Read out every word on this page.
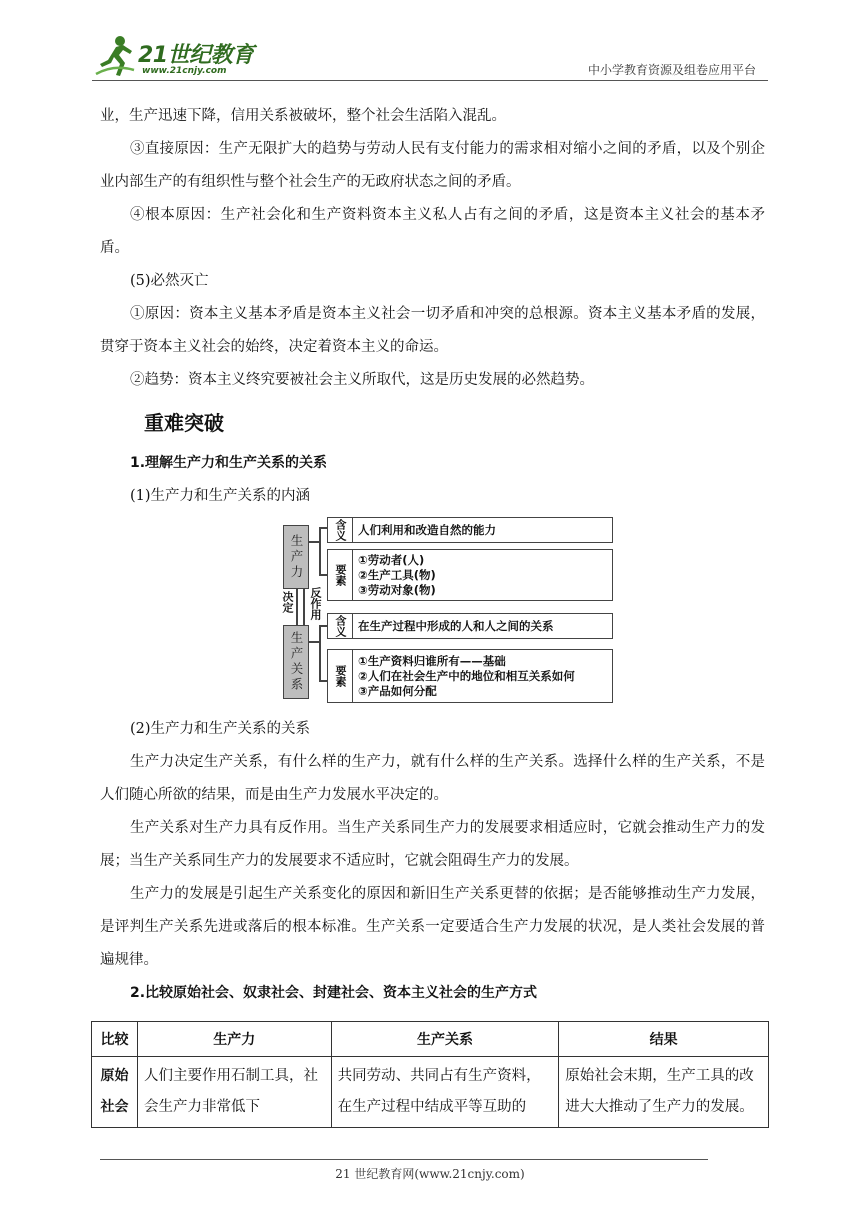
21世纪教育
www.21cnjy.com	中小学教育资源及组卷应用平台

业，生产迅速下降，信用关系被破坏，整个社会生活陷入混乱。

③直接原因：生产无限扩大的趋势与劳动人民有支付能力的需求相对缩小之间的矛盾，以及个别企业内部生产的有组织性与整个社会生产的无政府状态之间的矛盾。

④根本原因：生产社会化和生产资料资本主义私人占有之间的矛盾，这是资本主义社会的基本矛盾。

(5)必然灭亡

①原因：资本主义基本矛盾是资本主义社会一切矛盾和冲突的总根源。资本主义基本矛盾的发展，贯穿于资本主义社会的始终，决定着资本主义的命运。

②趋势：资本主义终究要被社会主义所取代，这是历史发展的必然趋势。

重难突破

1.理解生产力和生产关系的关系

(1)生产力和生产关系的内涵

生产力
生产关系
决定 反作用
含义 人们利用和改造自然的能力
要素
①劳动者(人)
②生产工具(物)
③劳动对象(物)
含义 在生产过程中形成的人和人之间的关系
要素
①生产资料归谁所有——基础
②人们在社会生产中的地位和相互关系如何
③产品如何分配

(2)生产力和生产关系的关系

生产力决定生产关系，有什么样的生产力，就有什么样的生产关系。选择什么样的生产关系，不是人们随心所欲的结果，而是由生产力发展水平决定的。

生产关系对生产力具有反作用。当生产关系同生产力的发展要求相适应时，它就会推动生产力的发展；当生产关系同生产力的发展要求不适应时，它就会阻碍生产力的发展。

生产力的发展是引起生产关系变化的原因和新旧生产关系更替的依据；是否能够推动生产力发展，是评判生产关系先进或落后的根本标准。生产关系一定要适合生产力发展的状况，是人类社会发展的普遍规律。

2.比较原始社会、奴隶社会、封建社会、资本主义社会的生产方式

比较	生产力	生产关系	结果
原始社会	人们主要作用石制工具，社会生产力非常低下	共同劳动、共同占有生产资料，在生产过程中结成平等互助的	原始社会末期，生产工具的改进大大推动了生产力的发展。
21 世纪教育网(www.21cnjy.com)
